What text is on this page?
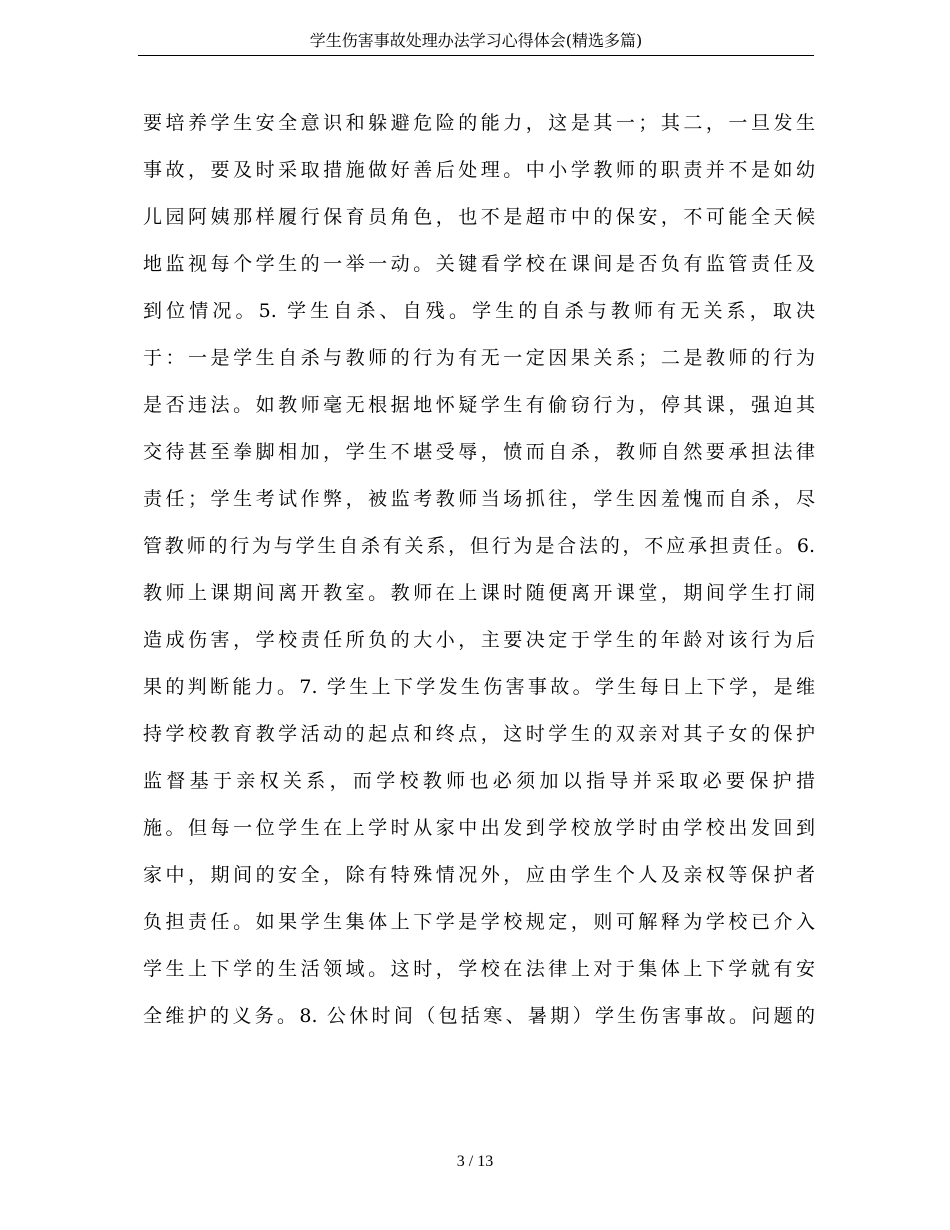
学生伤害事故处理办法学习心得体会(精选多篇)
要培养学生安全意识和躲避危险的能力，这是其一；其二，一旦发生
事故，要及时采取措施做好善后处理。中小学教师的职责并不是如幼
儿园阿姨那样履行保育员角色，也不是超市中的保安，不可能全天候
地监视每个学生的一举一动。关键看学校在课间是否负有监管责任及
到位情况。5. 学生自杀、自残。学生的自杀与教师有无关系，取决
于：一是学生自杀与教师的行为有无一定因果关系；二是教师的行为
是否违法。如教师毫无根据地怀疑学生有偷窃行为，停其课，强迫其
交待甚至拳脚相加，学生不堪受辱，愤而自杀，教师自然要承担法律
责任；学生考试作弊，被监考教师当场抓往，学生因羞愧而自杀，尽
管教师的行为与学生自杀有关系，但行为是合法的，不应承担责任。6.
教师上课期间离开教室。教师在上课时随便离开课堂，期间学生打闹
造成伤害，学校责任所负的大小，主要决定于学生的年龄对该行为后
果的判断能力。7. 学生上下学发生伤害事故。学生每日上下学，是维
持学校教育教学活动的起点和终点，这时学生的双亲对其子女的保护
监督基于亲权关系，而学校教师也必须加以指导并采取必要保护措
施。但每一位学生在上学时从家中出发到学校放学时由学校出发回到
家中，期间的安全，除有特殊情况外，应由学生个人及亲权等保护者
负担责任。如果学生集体上下学是学校规定，则可解释为学校已介入
学生上下学的生活领域。这时，学校在法律上对于集体上下学就有安
全维护的义务。8. 公休时间（包括寒、暑期）学生伤害事故。问题的
3 / 13
